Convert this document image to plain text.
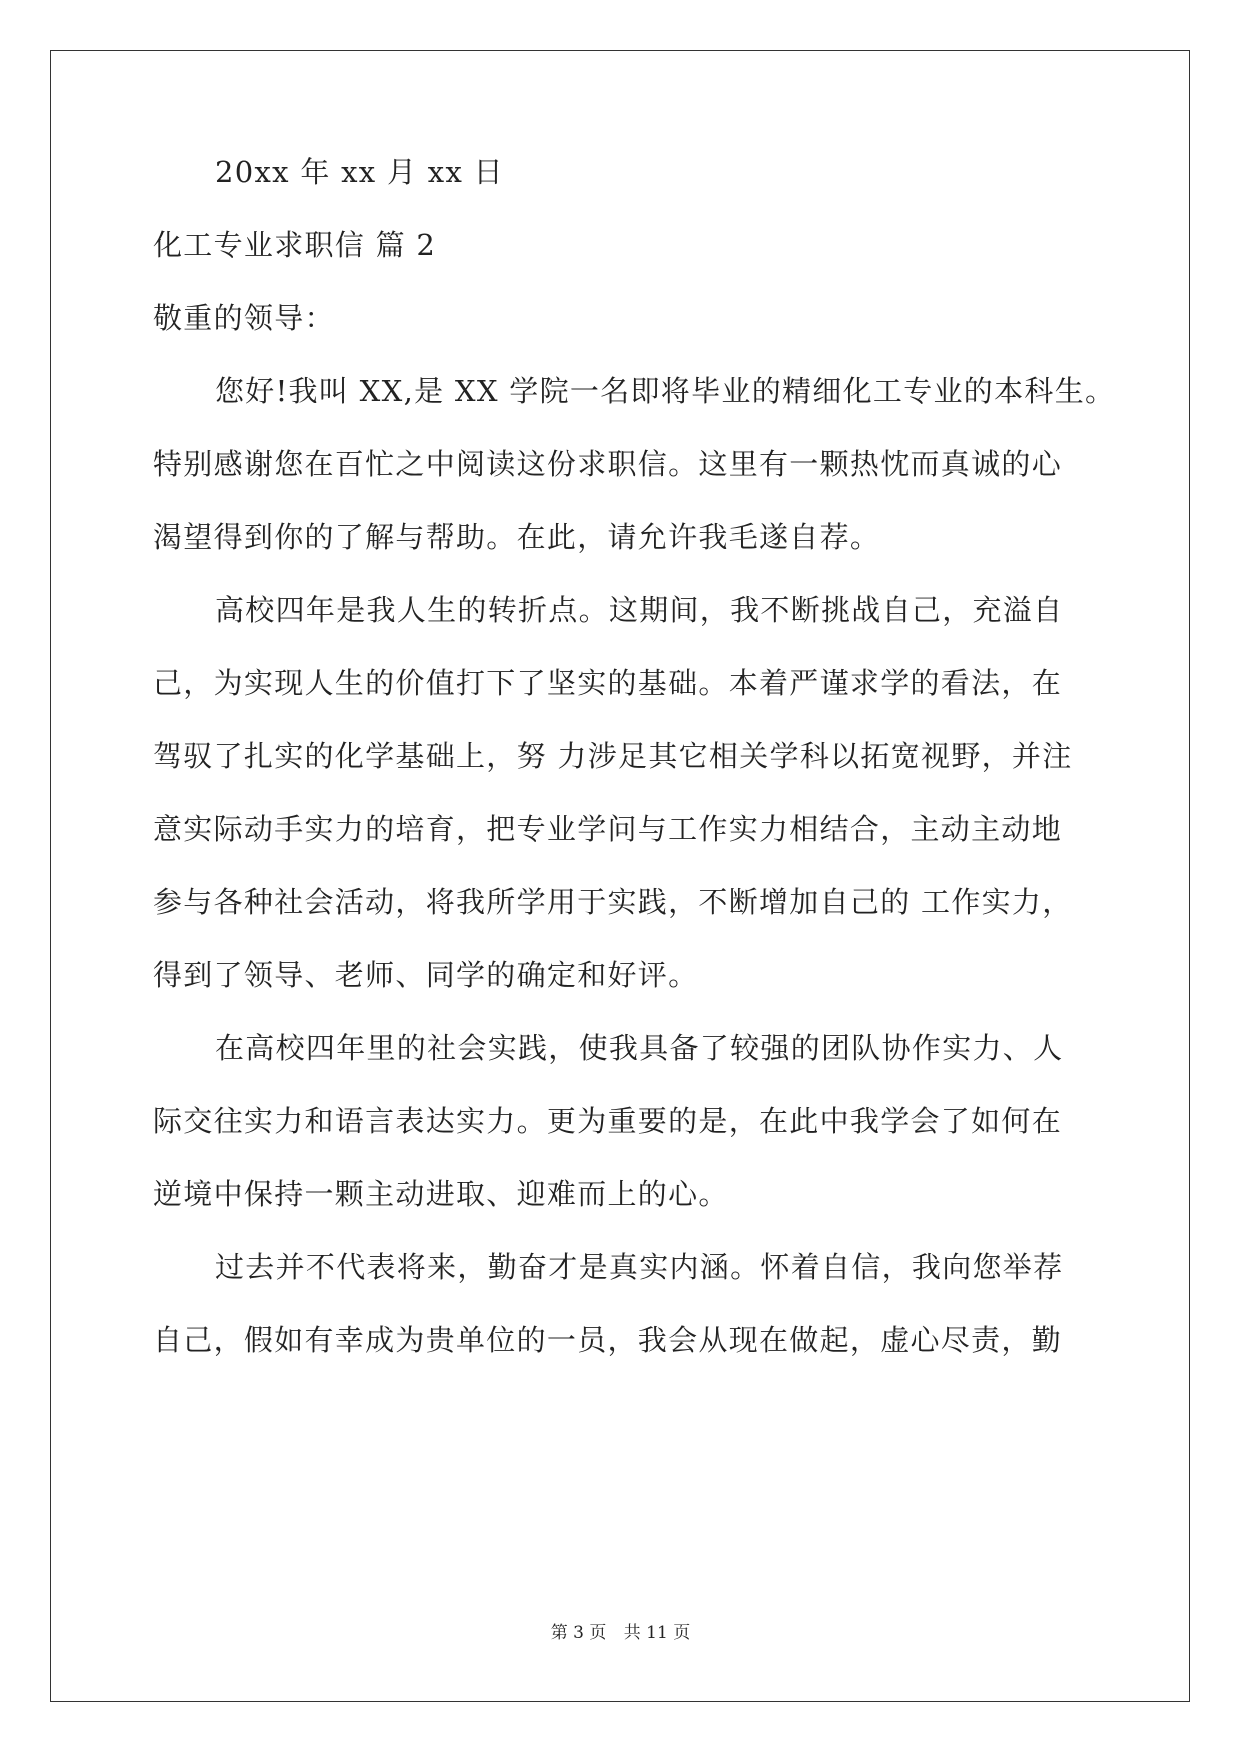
20xx 年 xx 月 xx 日
化工专业求职信 篇 2
敬重的领导：
您好!我叫 XX,是 XX 学院一名即将毕业的精细化工专业的本科生。
特别感谢您在百忙之中阅读这份求职信。这里有一颗热忱而真诚的心
渴望得到你的了解与帮助。在此，请允许我毛遂自荐。
高校四年是我人生的转折点。这期间，我不断挑战自己，充溢自
己，为实现人生的价值打下了坚实的基础。本着严谨求学的看法，在
驾驭了扎实的化学基础上，努 力涉足其它相关学科以拓宽视野，并注
意实际动手实力的培育，把专业学问与工作实力相结合，主动主动地
参与各种社会活动，将我所学用于实践，不断增加自己的 工作实力，
得到了领导、老师、同学的确定和好评。
在高校四年里的社会实践，使我具备了较强的团队协作实力、人
际交往实力和语言表达实力。更为重要的是，在此中我学会了如何在
逆境中保持一颗主动进取、迎难而上的心。
过去并不代表将来，勤奋才是真实内涵。怀着自信，我向您举荐
自己，假如有幸成为贵单位的一员，我会从现在做起，虚心尽责，勤
第 3 页 共 11 页
